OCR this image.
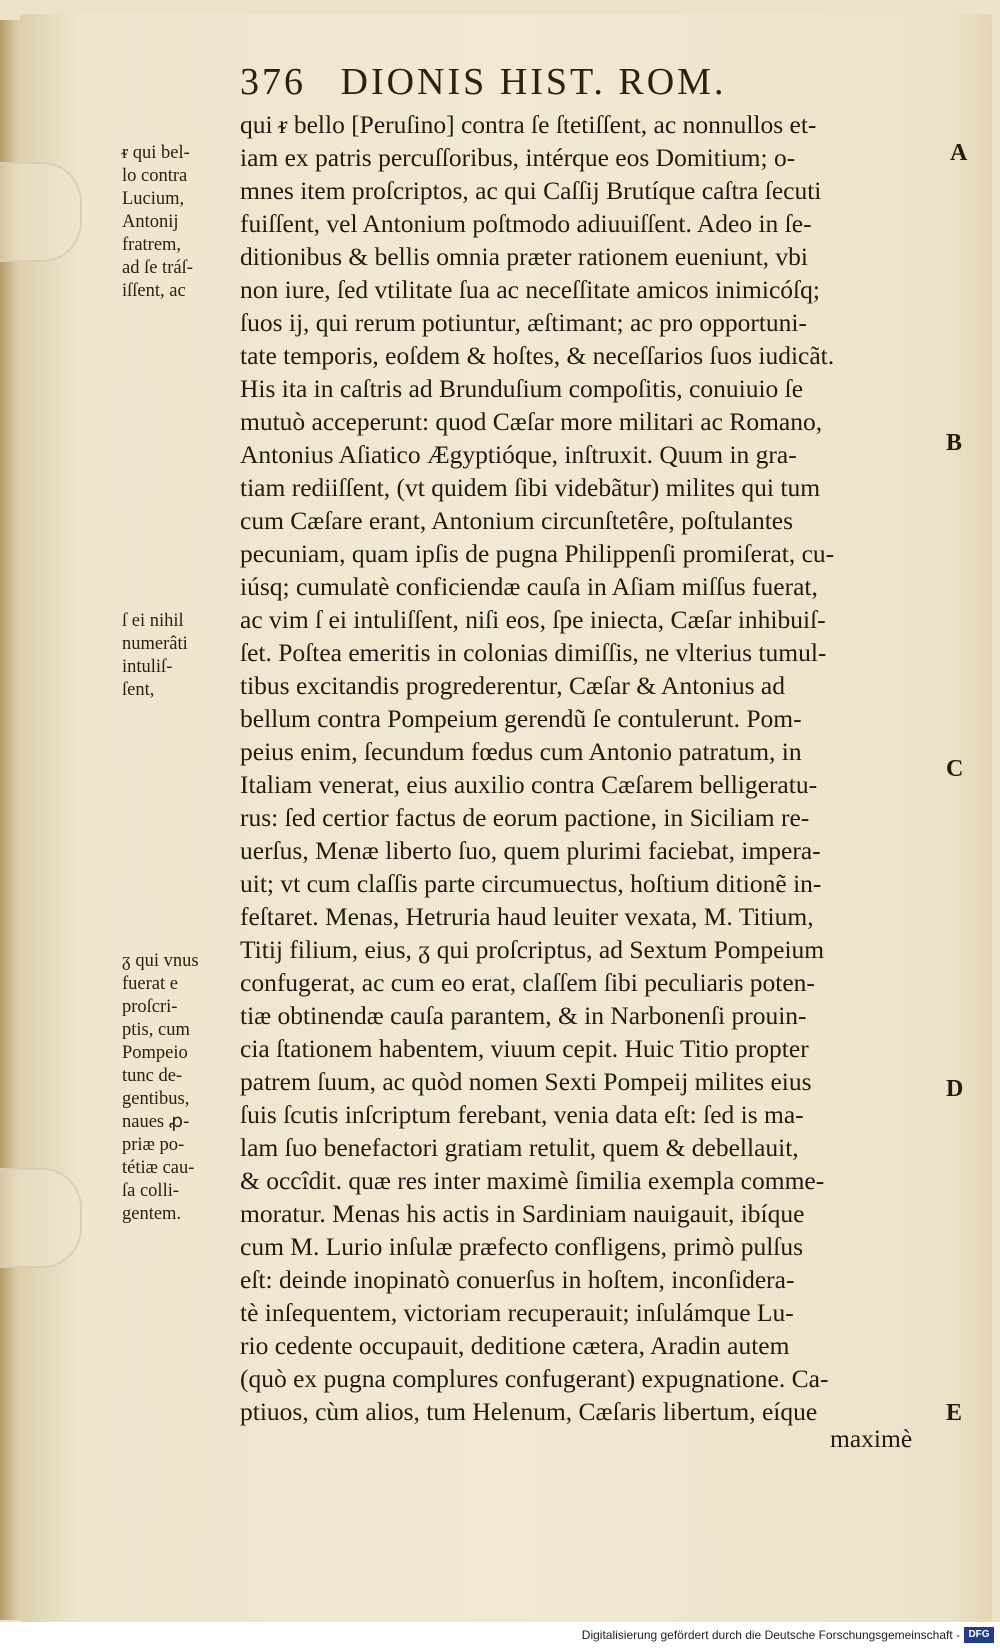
376 DIONIS HIST. ROM.
ᵲ qui bel-
lo contra
Lucium,
Antonij
fratrem,
ad ſe tráſ-
iſſent, ac
ſ ei nihil
numerâti
intuliſ-
ſent,
ᵹ qui vnus
fuerat e
proſcri-
ptis, cum
Pompeio
tunc de-
gentibus,
naues ꝓ-
priæ po-
tétiæ cau-
ſa colli-
gentem.
qui ᵲ bello [Peruſino] contra ſe ſtetiſſent, ac nonnullos et-
iam ex patris percuſſoribus, intérque eos Domitium; o-
mnes item proſcriptos, ac qui Caſſij Brutíque caſtra ſecuti
fuiſſent, vel Antonium poſtmodo adiuuiſſent. Adeo in ſe-
ditionibus & bellis omnia præter rationem eueniunt, vbi
non iure, ſed vtilitate ſua ac neceſſitate amicos inimicóſq;
ſuos ij, qui rerum potiuntur, æſtimant; ac pro opportuni-
tate temporis, eoſdem & hoſtes, & neceſſarios ſuos iudicãt.
His ita in caſtris ad Brunduſium compoſitis, conuiuio ſe
mutuò acceperunt: quod Cæſar more militari ac Romano,
Antonius Aſiatico Ægyptióque, inſtruxit. Quum in gra-
tiam rediiſſent, (vt quidem ſibi videbãtur) milites qui tum
cum Cæſare erant, Antonium circunſtetêre, poſtulantes
pecuniam, quam ipſis de pugna Philippenſi promiſerat, cu-
iúsq; cumulatè conficiendæ cauſa in Aſiam miſſus fuerat,
ac vim ſ ei intuliſſent, niſi eos, ſpe iniecta, Cæſar inhibuiſ-
ſet. Poſtea emeritis in colonias dimiſſis, ne vlterius tumul-
tibus excitandis progrederentur, Cæſar & Antonius ad
bellum contra Pompeium gerendũ ſe contulerunt. Pom-
peius enim, ſecundum fœdus cum Antonio patratum, in
Italiam venerat, eius auxilio contra Cæſarem belligeratu-
rus: ſed certior factus de eorum pactione, in Siciliam re-
uerſus, Menæ liberto ſuo, quem plurimi faciebat, impera-
uit; vt cum claſſis parte circumuectus, hoſtium ditionẽ in-
feſtaret. Menas, Hetruria haud leuiter vexata, M. Titium,
Titij filium, eius, ᵹ qui proſcriptus, ad Sextum Pompeium
confugerat, ac cum eo erat, claſſem ſibi peculiaris poten-
tiæ obtinendæ cauſa parantem, & in Narbonenſi prouin-
cia ſtationem habentem, viuum cepit. Huic Titio propter
patrem ſuum, ac quòd nomen Sexti Pompeij milites eius
ſuis ſcutis inſcriptum ferebant, venia data eſt: ſed is ma-
lam ſuo benefactori gratiam retulit, quem & debellauit,
& occîdit. quæ res inter maximè ſimilia exempla comme-
moratur. Menas his actis in Sardiniam nauigauit, ibíque
cum M. Lurio inſulæ præfecto confligens, primò pulſus
eſt: deinde inopinatò conuerſus in hoſtem, inconſidera-
tè inſequentem, victoriam recuperauit; inſulámque Lu-
rio cedente occupauit, deditione cætera, Aradin autem
(quò ex pugna complures confugerant) expugnatione. Ca-
ptiuos, cùm alios, tum Helenum, Cæſaris libertum, eíque
A
B
C
D
E
maximè
Digitalisierung gefördert durch die Deutsche Forschungsgemeinschaft - DFG
